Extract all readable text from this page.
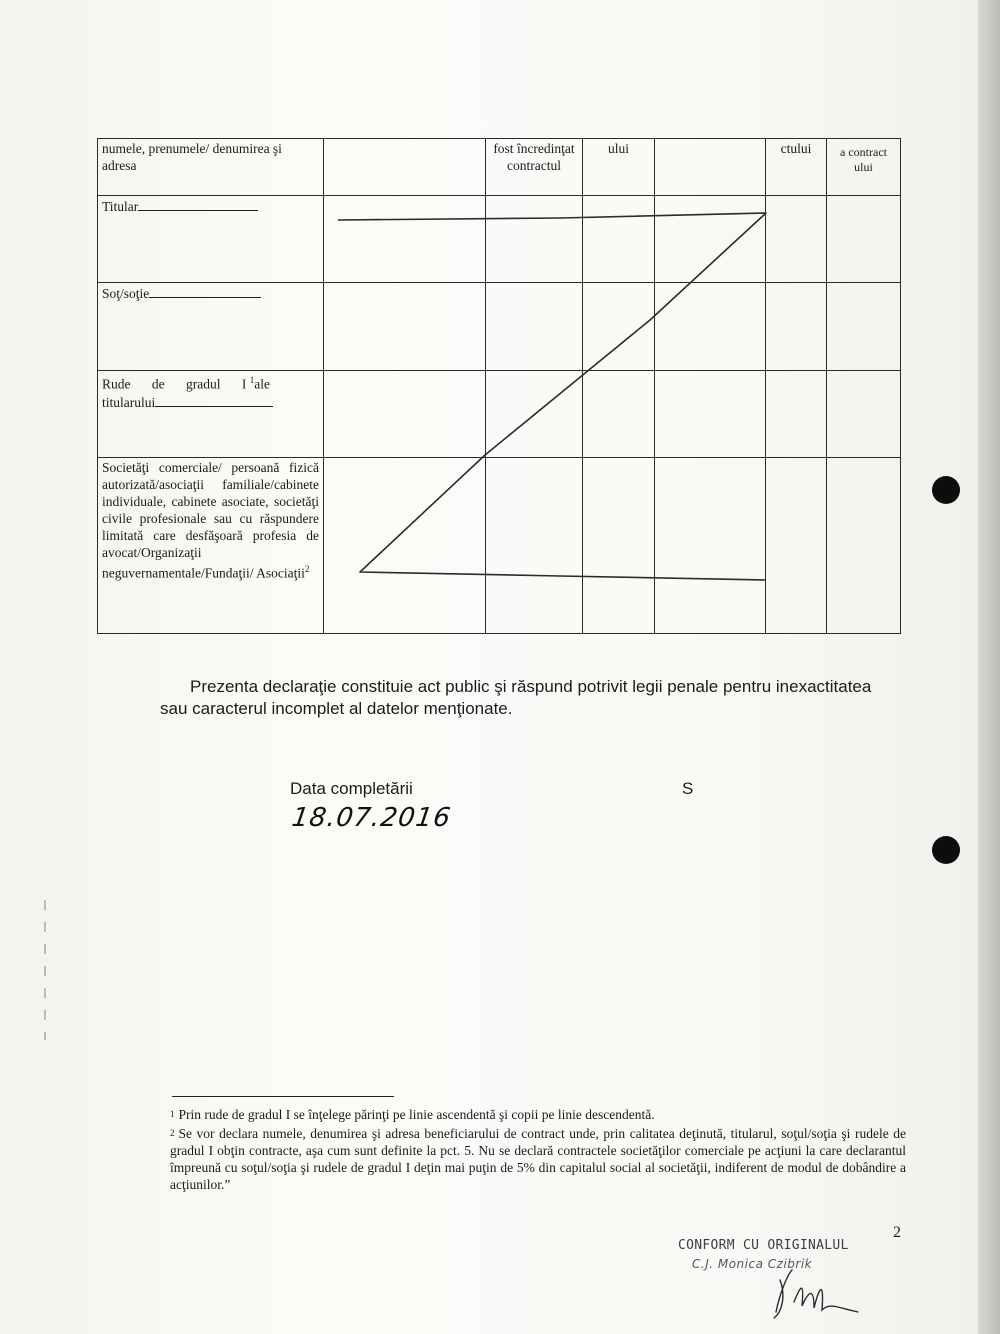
numele, prenumele/ denumirea şi adresa		fost încredinţat contractul	ului		ctului	a contract ului
Titular						
Soţ/soţie						
Rude de gradul I $^1$ale titularului						
Societăţi comerciale/ persoană fizică autorizată/asociaţii familiale/cabinete individuale, cabinete asociate, societăţi civile profesionale sau cu răspundere limitată care desfăşoară profesia de avocat/Organizaţii neguvernamentale/Fundaţii/ Asociaţii$^2$						
Prezenta declaraţie constituie act public şi răspund potrivit legii penale pentru inexactitatea sau caracterul incomplet al datelor menţionate.
Data completării
18.07.2016
S

$^1$ Prin rude de gradul I se înţelege părinţi pe linie ascendentă şi copii pe linie descendentă.

$^2$ Se vor declara numele, denumirea şi adresa beneficiarului de contract unde, prin calitatea deţinută, titularul, soţul/soţia şi rudele de gradul I obţin contracte, aşa cum sunt definite la pct. 5. Nu se declară contractele societăţilor comerciale pe acţiuni la care declarantul împreună cu soţul/soţia şi rudele de gradul I deţin mai puţin de 5% din capitalul social al societăţii, indiferent de modul de dobândire a acţiunilor.”

2
CONFORM CU ORIGINALUL
C.J. Monica Czibrik
